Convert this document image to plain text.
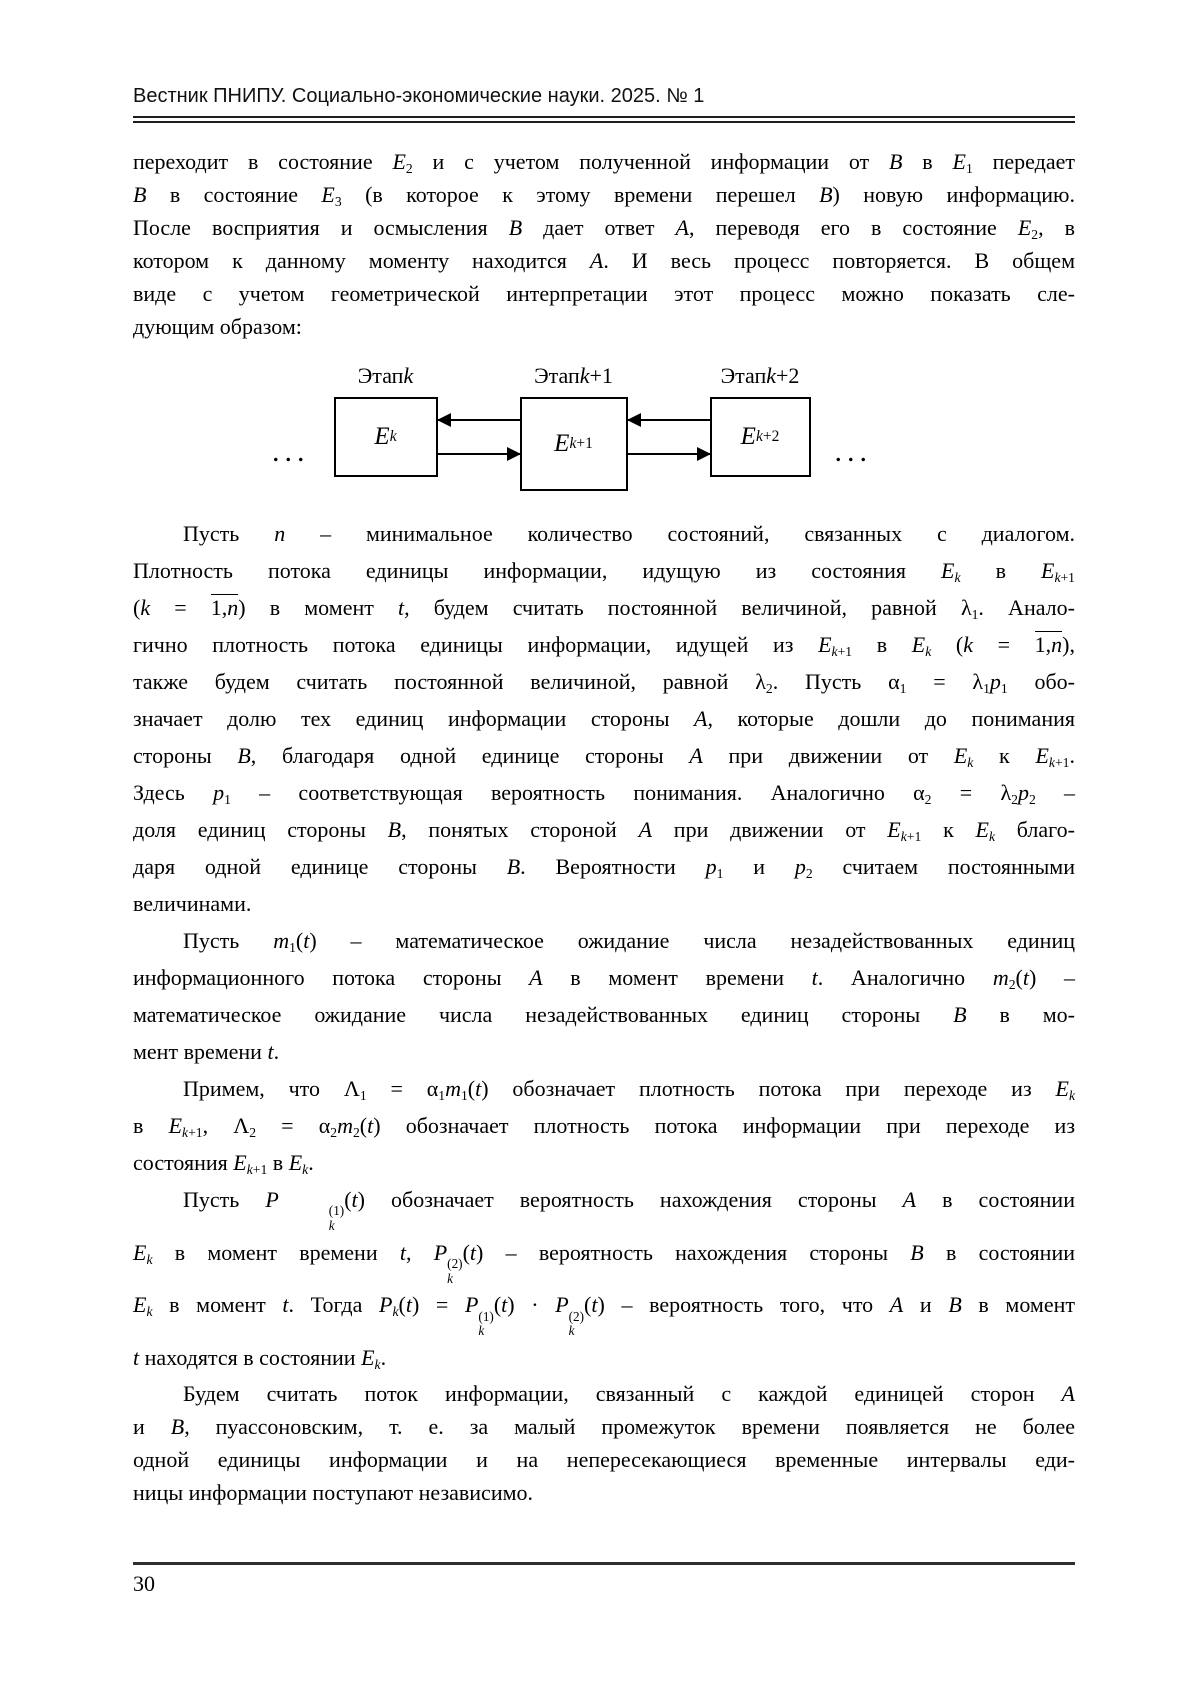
Вестник ПНИПУ. Социально-экономические науки. 2025. № 1
переходит в состояние $E_2$ и с учетом полученной информации от B в $E_1$ передает
B в состояние $E_3$ (в которое к этому времени перешел B) новую информацию.
После восприятия и осмысления B дает ответ A, переводя его в состояние $E_2$, в
котором к данному моменту находится A. И весь процесс повторяется. В общем
виде с учетом геометрической интерпретации этот процесс можно показать сле-
дующим образом:
...
Этап k
E k
Этап k +1
E k+1
Этап k +2
E k+2	...
Пусть n – минимальное количество состояний, связанных с диалогом.
Плотность потока единицы информации, идущую из состояния $E_k$ в $E_{k+1}$
(k = 1,n) в момент t, будем считать постоянной величиной, равной $\lambda_1$. Анало-
гично плотность потока единицы информации, идущей из $E_{k+1}$ в $E_k$ (k = 1,n),
также будем считать постоянной величиной, равной $\lambda_2$. Пусть $\alpha_1 = \lambda_1p_1$ обо-
значает долю тех единиц информации стороны A, которые дошли до понимания
стороны B, благодаря одной единице стороны A при движении от $E_k$ к $E_{k+1}$.
Здесь $p_1$ – соответствующая вероятность понимания. Аналогично $\alpha_2 = \lambda_2p_2$ –
доля единиц стороны B, понятых стороной A при движении от $E_{k+1}$ к $E_k$ благо-
даря одной единице стороны B. Вероятности $p_1$ и $p_2$ считаем постоянными
величинами.
Пусть $m_1(t)$ – математическое ожидание числа незадействованных единиц
информационного потока стороны A в момент времени t. Аналогично $m_2(t)$ –
математическое ожидание числа незадействованных единиц стороны B в мо-
мент времени t.
Примем, что $\Lambda_1 = \alpha_1m_1(t)$ обозначает плотность потока при переходе из $E_k$
в $E_{k+1}$, $\Lambda_2 = \alpha_2m_2(t)$ обозначает плотность потока информации при переходе из
состояния $E_{k+1}$ в $E_k$.
Пусть P	(1)
k
(t) обозначает вероятность нахождения стороны A в состоянии
$E_k$ в момент времени t, P (2)
k
(t) – вероятность нахождения стороны B в состоянии
$E_k$ в момент t. Тогда $P_k(t) = P$ (1)
k
(t) · P (2)
k
(t) – вероятность того, что A и B в момент
t находятся в состоянии $E_k$.
Будем считать поток информации, связанный с каждой единицей сторон A
и B, пуассоновским, т. е. за малый промежуток времени появляется не более
одной единицы информации и на непересекающиеся временные интервалы еди-
ницы информации поступают независимо.
30
